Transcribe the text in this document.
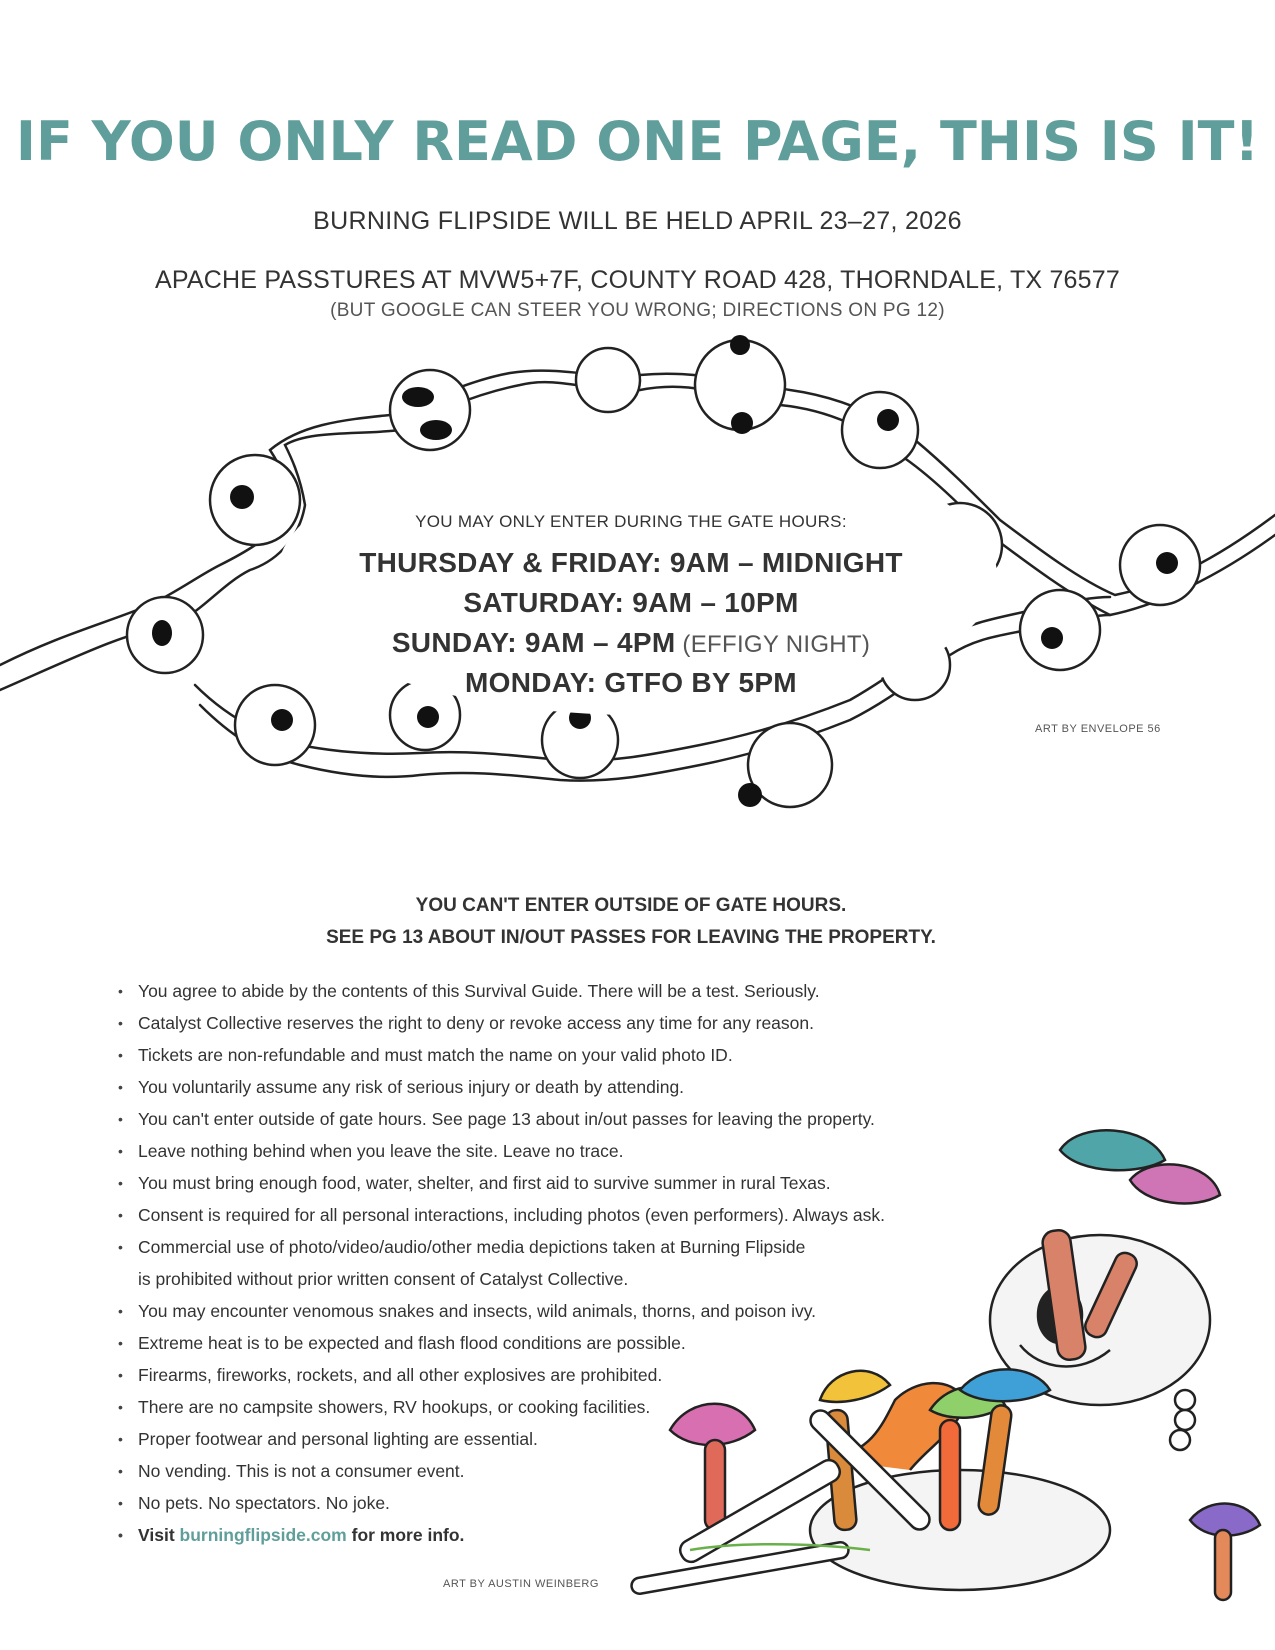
IF YOU ONLY READ ONE PAGE, THIS IS IT!
BURNING FLIPSIDE WILL BE HELD APRIL 23–27, 2026
APACHE PASSTURES AT MVW5+7F, COUNTY ROAD 428, THORNDALE, TX 76577
(BUT GOOGLE CAN STEER YOU WRONG; DIRECTIONS ON PG 12)
YOU MAY ONLY ENTER DURING THE GATE HOURS:
THURSDAY & FRIDAY: 9AM – MIDNIGHT
SATURDAY: 9AM – 10PM
SUNDAY: 9AM – 4PM (EFFIGY NIGHT)
MONDAY: GTFO BY 5PM
ART BY ENVELOPE 56
YOU CAN'T ENTER OUTSIDE OF GATE HOURS.
SEE PG 13 ABOUT IN/OUT PASSES FOR LEAVING THE PROPERTY.
• You agree to abide by the contents of this Survival Guide. There will be a test. Seriously.
• Catalyst Collective reserves the right to deny or revoke access any time for any reason.
• Tickets are non-refundable and must match the name on your valid photo ID.
• You voluntarily assume any risk of serious injury or death by attending.
• You can't enter outside of gate hours. See page 13 about in/out passes for leaving the property.
• Leave nothing behind when you leave the site. Leave no trace.
• You must bring enough food, water, shelter, and first aid to survive summer in rural Texas.
• Consent is required for all personal interactions, including photos (even performers). Always ask.
• Commercial use of photo/video/audio/other media depictions taken at Burning Flipside
is prohibited without prior written consent of Catalyst Collective.
• You may encounter venomous snakes and insects, wild animals, thorns, and poison ivy.
• Extreme heat is to be expected and flash flood conditions are possible.
• Firearms, fireworks, rockets, and all other explosives are prohibited.
• There are no campsite showers, RV hookups, or cooking facilities.
• Proper footwear and personal lighting are essential.
• No vending. This is not a consumer event.
• No pets. No spectators. No joke.
• Visit burningflipside.com for more info.
ART BY AUSTIN WEINBERG
